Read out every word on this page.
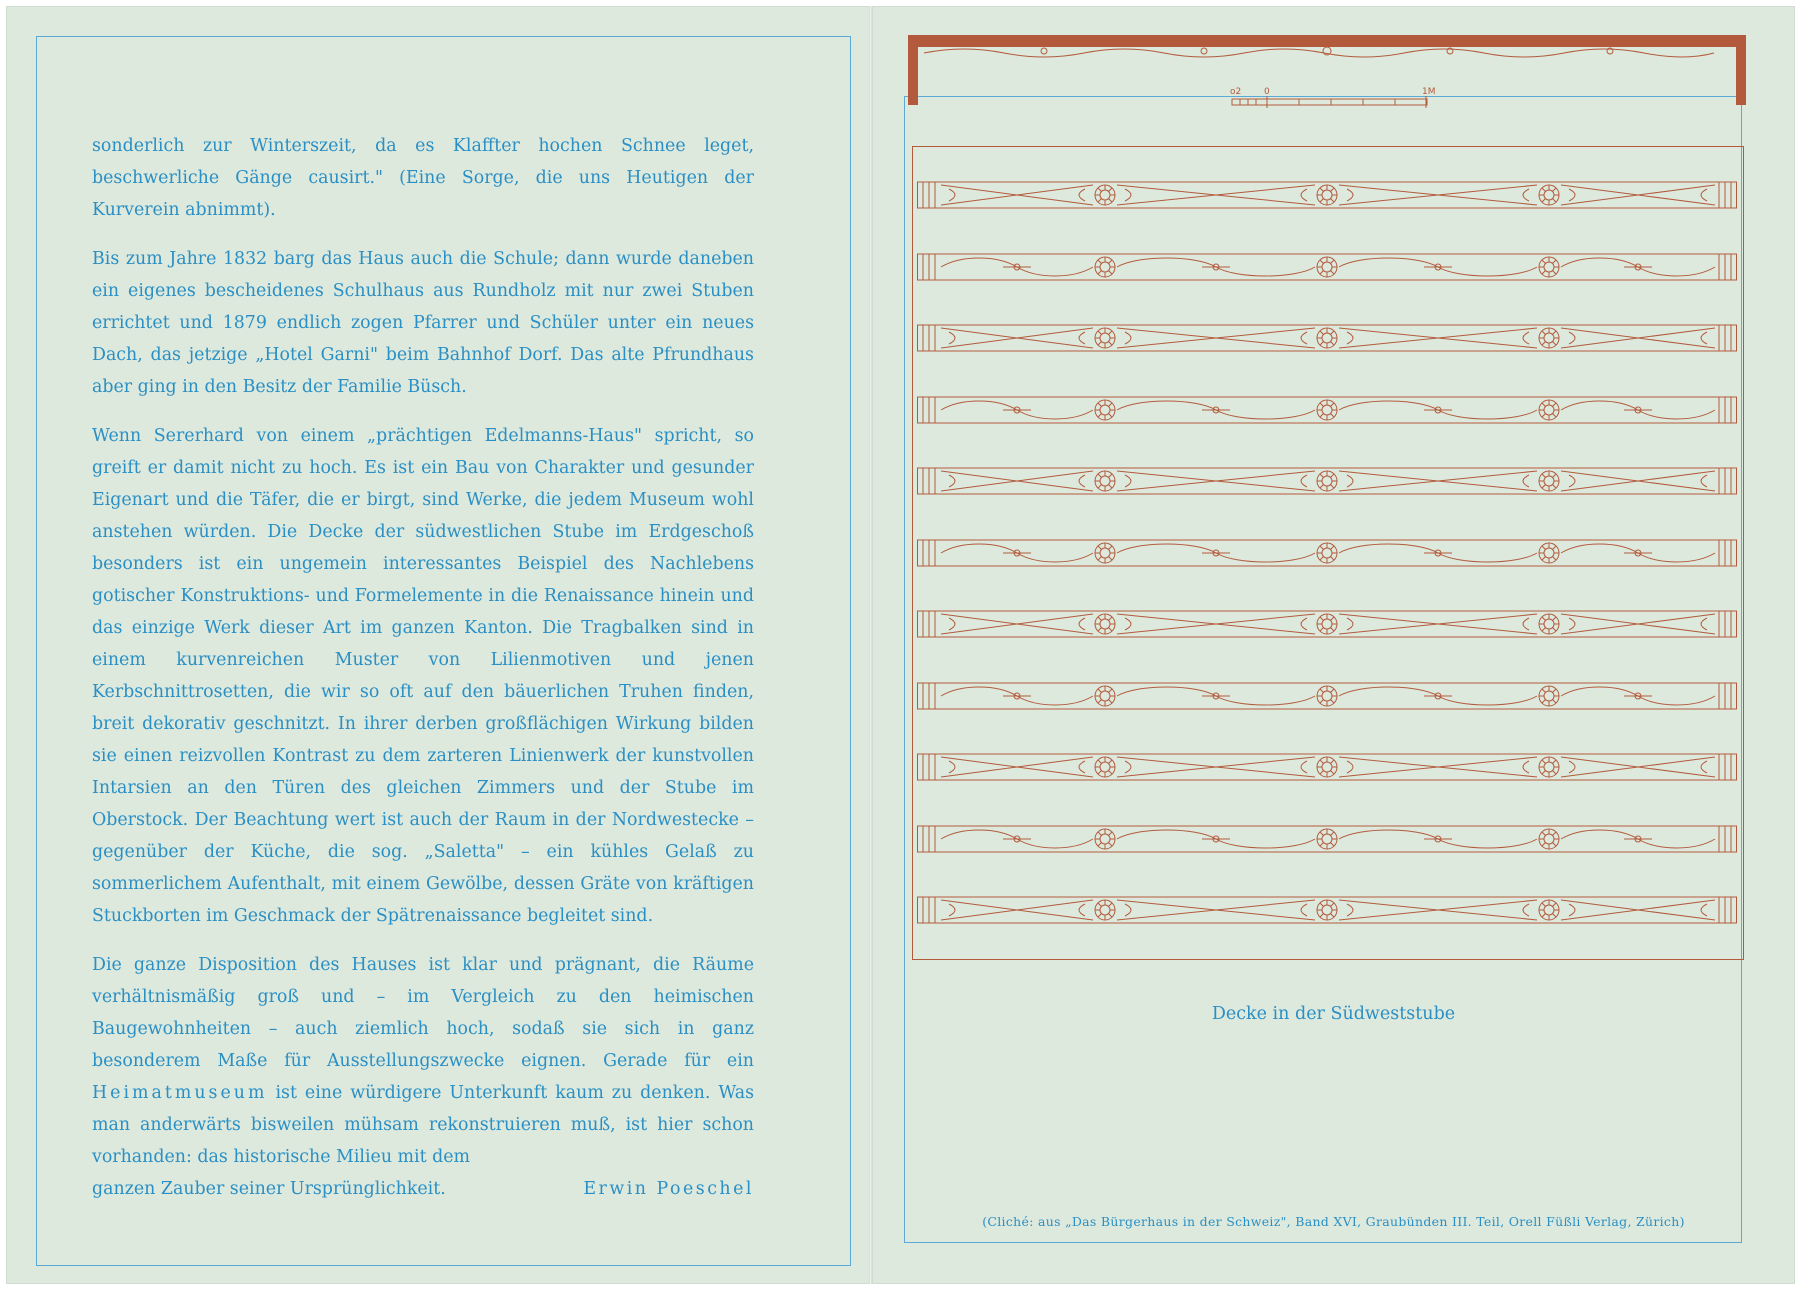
sonderlich zur Winterszeit, da es Klaffter hochen Schnee leget, beschwerliche Gänge causirt." (Eine Sorge, die uns Heutigen der Kurverein abnimmt).

Bis zum Jahre 1832 barg das Haus auch die Schule; dann wurde daneben ein eigenes bescheidenes Schulhaus aus Rundholz mit nur zwei Stuben errichtet und 1879 endlich zogen Pfarrer und Schüler unter ein neues Dach, das jetzige „Hotel Garni" beim Bahnhof Dorf. Das alte Pfrundhaus aber ging in den Besitz der Familie Büsch.

Wenn Sererhard von einem „prächtigen Edelmanns-Haus" spricht, so greift er damit nicht zu hoch. Es ist ein Bau von Charakter und gesunder Eigenart und die Täfer, die er birgt, sind Werke, die jedem Museum wohl anstehen würden. Die Decke der südwestlichen Stube im Erdgeschoß besonders ist ein ungemein interessantes Beispiel des Nachlebens gotischer Konstruktions- und Formelemente in die Renaissance hinein und das einzige Werk dieser Art im ganzen Kanton. Die Tragbalken sind in einem kurvenreichen Muster von Lilienmotiven und jenen Kerbschnittrosetten, die wir so oft auf den bäuerlichen Truhen finden, breit dekorativ geschnitzt. In ihrer derben großflächigen Wirkung bilden sie einen reizvollen Kontrast zu dem zarteren Linienwerk der kunstvollen Intarsien an den Türen des gleichen Zimmers und der Stube im Oberstock. Der Beachtung wert ist auch der Raum in der Nordwestecke – gegenüber der Küche, die sog. „Saletta" – ein kühles Gelaß zu sommerlichem Aufenthalt, mit einem Gewölbe, dessen Gräte von kräftigen Stuckborten im Geschmack der Spätrenaissance begleitet sind.

Die ganze Disposition des Hauses ist klar und prägnant, die Räume verhältnismäßig groß und – im Vergleich zu den heimischen Baugewohnheiten – auch ziemlich hoch, sodaß sie sich in ganz besonderem Maße für Ausstellungszwecke eignen. Gerade für ein Heimatmuseum ist eine würdigere Unterkunft kaum zu denken. Was man anderwärts bisweilen mühsam rekonstruieren muß, ist hier schon vorhanden: das historische Milieu mit dem

ganzen Zauber seiner Ursprünglichkeit.	Erwin Poeschel
o2	0	1M
Decke in der Südweststube
(Cliché: aus „Das Bürgerhaus in der Schweiz", Band XVI, Graubünden III. Teil, Orell Füßli Verlag, Zürich)
